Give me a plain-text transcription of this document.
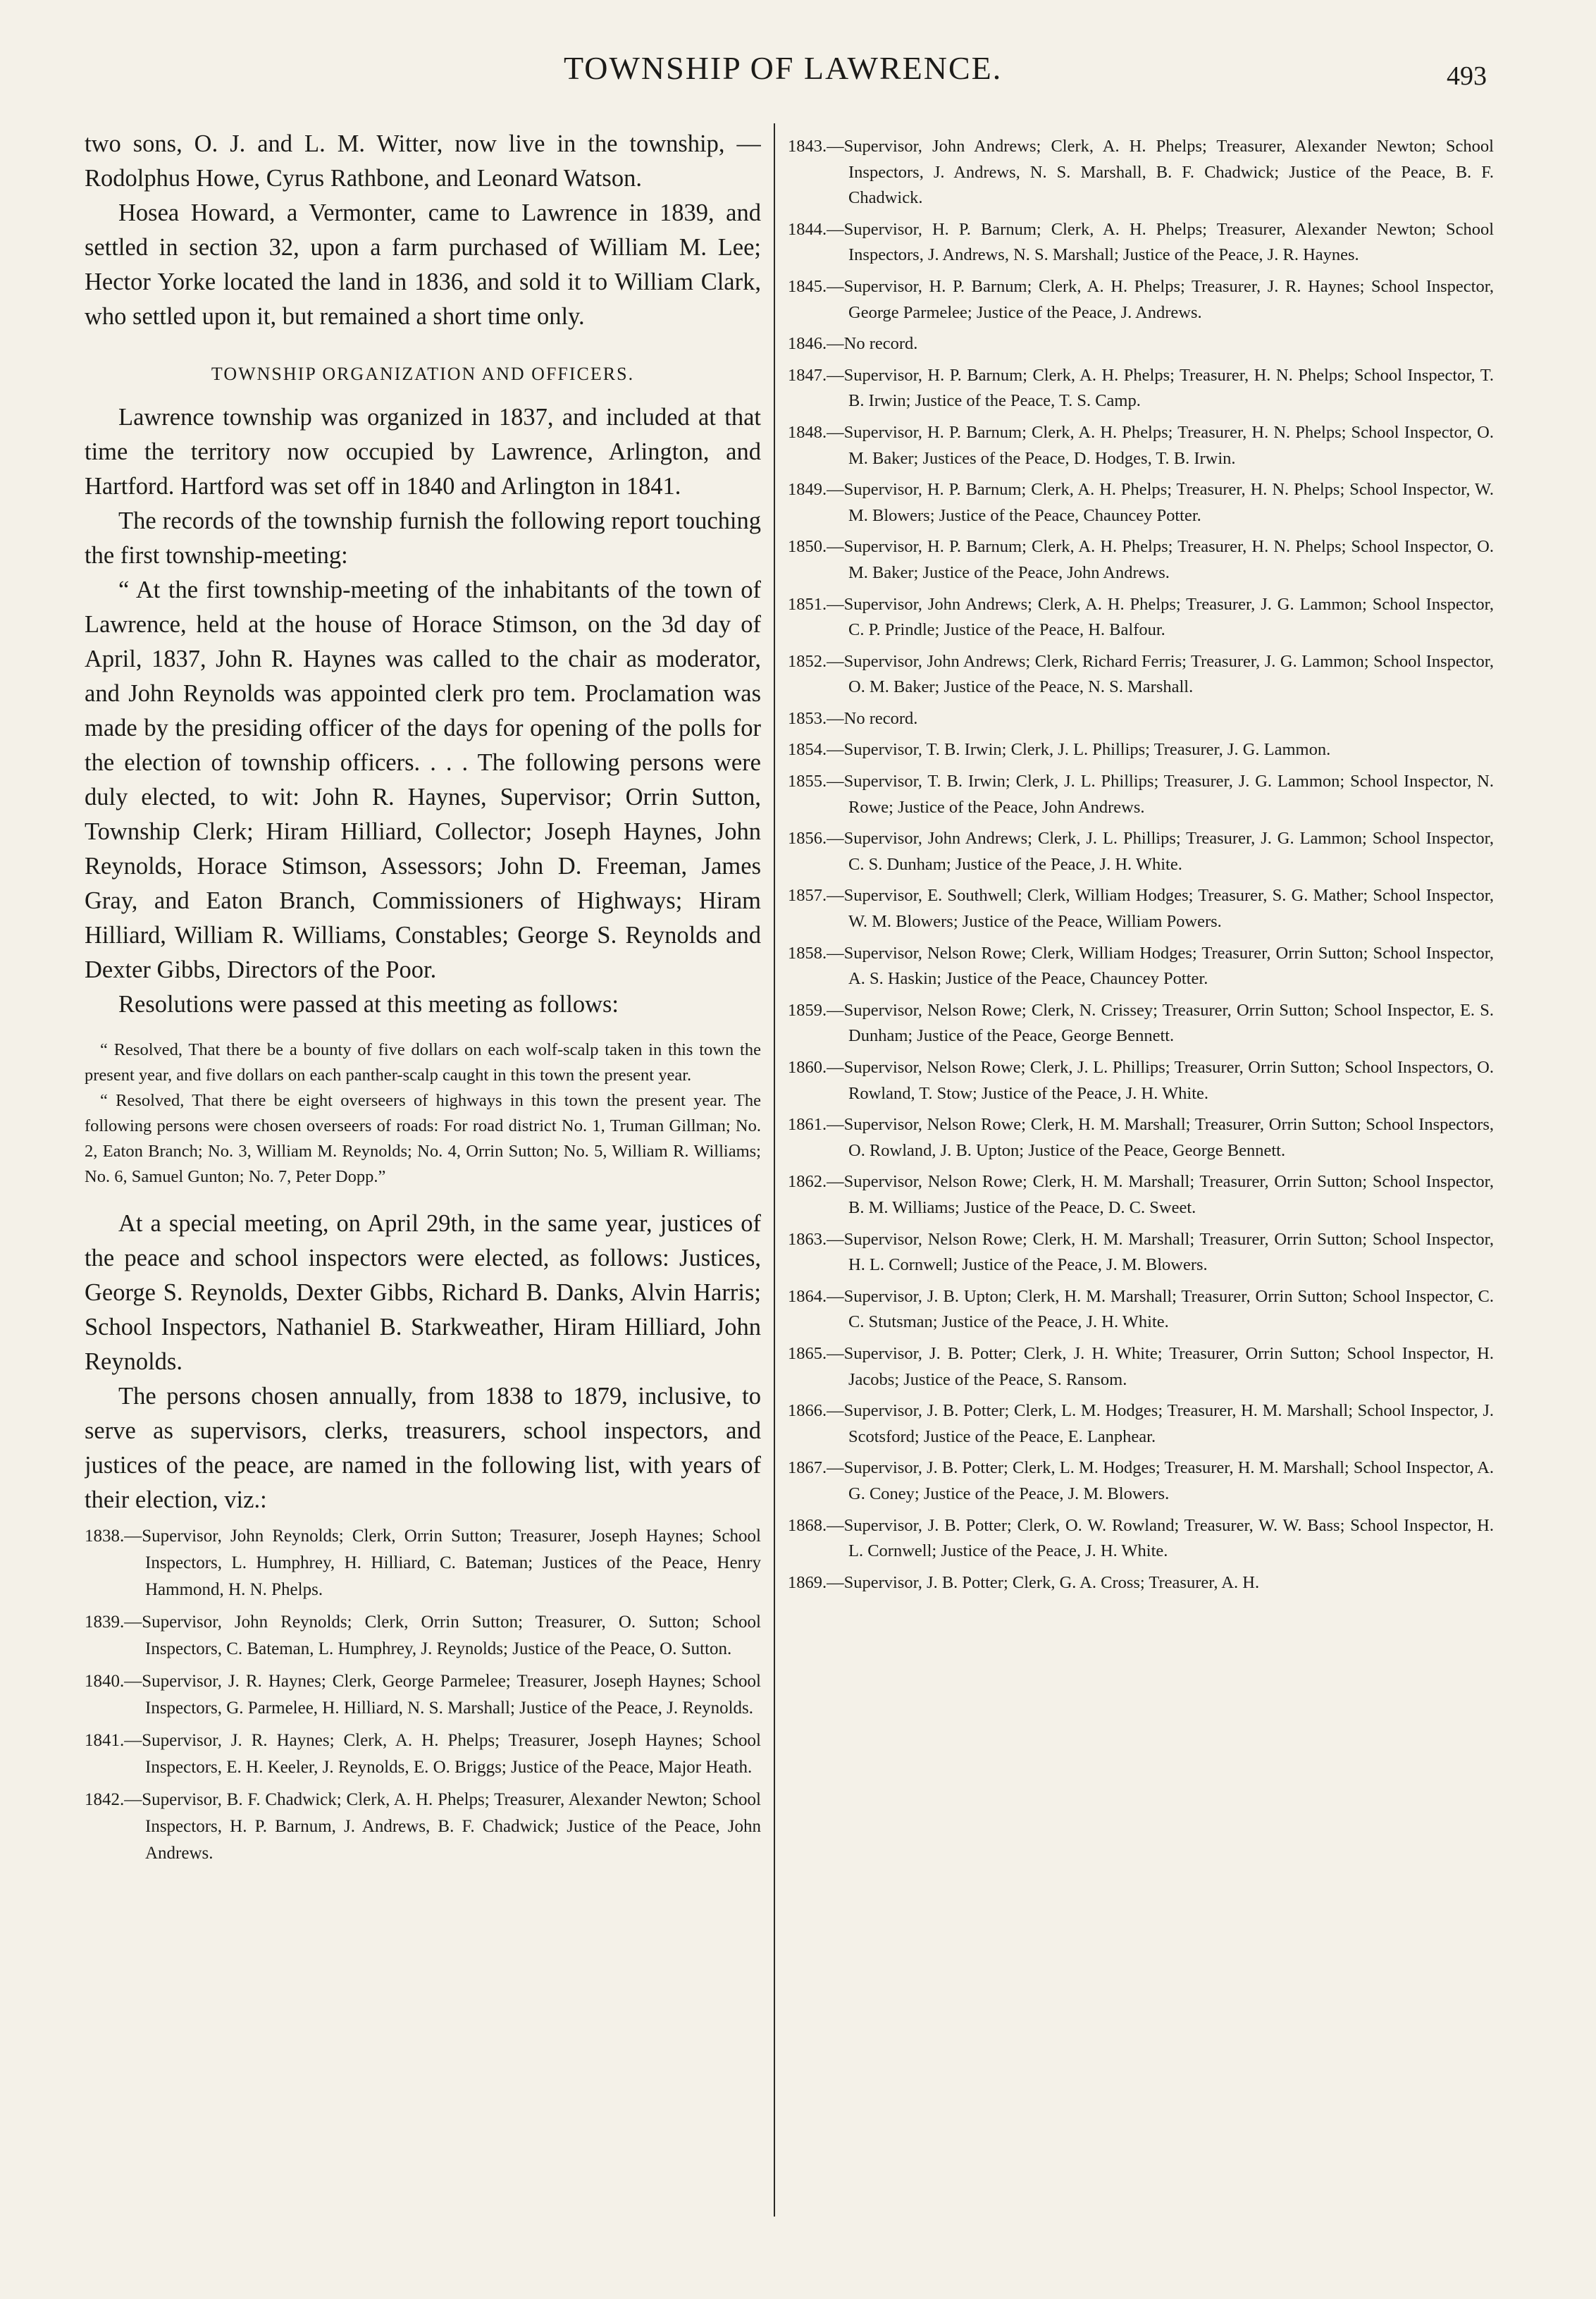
TOWNSHIP OF LAWRENCE.	493

two sons, O. J. and L. M. Witter, now live in the township, —Rodolphus Howe, Cyrus Rathbone, and Leonard Watson.

Hosea Howard, a Vermonter, came to Lawrence in 1839, and settled in section 32, upon a farm purchased of William M. Lee; Hector Yorke located the land in 1836, and sold it to William Clark, who settled upon it, but remained a short time only.

TOWNSHIP ORGANIZATION AND OFFICERS.

Lawrence township was organized in 1837, and included at that time the territory now occupied by Lawrence, Arlington, and Hartford. Hartford was set off in 1840 and Arlington in 1841.

The records of the township furnish the following report touching the first township-meeting:

“ At the first township-meeting of the inhabitants of the town of Lawrence, held at the house of Horace Stimson, on the 3d day of April, 1837, John R. Haynes was called to the chair as moderator, and John Reynolds was appointed clerk pro tem. Proclamation was made by the presiding officer of the days for opening of the polls for the election of township officers. . . . The following persons were duly elected, to wit: John R. Haynes, Supervisor; Orrin Sutton, Township Clerk; Hiram Hilliard, Collector; Joseph Haynes, John Reynolds, Horace Stimson, Assessors; John D. Freeman, James Gray, and Eaton Branch, Commissioners of Highways; Hiram Hilliard, William R. Williams, Constables; George S. Reynolds and Dexter Gibbs, Directors of the Poor.

Resolutions were passed at this meeting as follows:

“ Resolved, That there be a bounty of five dollars on each wolf-scalp taken in this town the present year, and five dollars on each panther-scalp caught in this town the present year.

“ Resolved, That there be eight overseers of highways in this town the present year. The following persons were chosen overseers of roads: For road district No. 1, Truman Gillman; No. 2, Eaton Branch; No. 3, William M. Reynolds; No. 4, Orrin Sutton; No. 5, William R. Williams; No. 6, Samuel Gunton; No. 7, Peter Dopp.”

At a special meeting, on April 29th, in the same year, justices of the peace and school inspectors were elected, as follows: Justices, George S. Reynolds, Dexter Gibbs, Richard B. Danks, Alvin Harris; School Inspectors, Nathaniel B. Starkweather, Hiram Hilliard, John Reynolds.

The persons chosen annually, from 1838 to 1879, inclusive, to serve as supervisors, clerks, treasurers, school inspectors, and justices of the peace, are named in the following list, with years of their election, viz.:

1838.—Supervisor, John Reynolds; Clerk, Orrin Sutton; Treasurer, Joseph Haynes; School Inspectors, L. Humphrey, H. Hilliard, C. Bateman; Justices of the Peace, Henry Hammond, H. N. Phelps.

1839.—Supervisor, John Reynolds; Clerk, Orrin Sutton; Treasurer, O. Sutton; School Inspectors, C. Bateman, L. Humphrey, J. Reynolds; Justice of the Peace, O. Sutton.

1840.—Supervisor, J. R. Haynes; Clerk, George Parmelee; Treasurer, Joseph Haynes; School Inspectors, G. Parmelee, H. Hilliard, N. S. Marshall; Justice of the Peace, J. Reynolds.

1841.—Supervisor, J. R. Haynes; Clerk, A. H. Phelps; Treasurer, Joseph Haynes; School Inspectors, E. H. Keeler, J. Reynolds, E. O. Briggs; Justice of the Peace, Major Heath.

1842.—Supervisor, B. F. Chadwick; Clerk, A. H. Phelps; Treasurer, Alexander Newton; School Inspectors, H. P. Barnum, J. Andrews, B. F. Chadwick; Justice of the Peace, John Andrews.

1843.—Supervisor, John Andrews; Clerk, A. H. Phelps; Treasurer, Alexander Newton; School Inspectors, J. Andrews, N. S. Marshall, B. F. Chadwick; Justice of the Peace, B. F. Chadwick.

1844.—Supervisor, H. P. Barnum; Clerk, A. H. Phelps; Treasurer, Alexander Newton; School Inspectors, J. Andrews, N. S. Marshall; Justice of the Peace, J. R. Haynes.

1845.—Supervisor, H. P. Barnum; Clerk, A. H. Phelps; Treasurer, J. R. Haynes; School Inspector, George Parmelee; Justice of the Peace, J. Andrews.

1846.—No record.

1847.—Supervisor, H. P. Barnum; Clerk, A. H. Phelps; Treasurer, H. N. Phelps; School Inspector, T. B. Irwin; Justice of the Peace, T. S. Camp.

1848.—Supervisor, H. P. Barnum; Clerk, A. H. Phelps; Treasurer, H. N. Phelps; School Inspector, O. M. Baker; Justices of the Peace, D. Hodges, T. B. Irwin.

1849.—Supervisor, H. P. Barnum; Clerk, A. H. Phelps; Treasurer, H. N. Phelps; School Inspector, W. M. Blowers; Justice of the Peace, Chauncey Potter.

1850.—Supervisor, H. P. Barnum; Clerk, A. H. Phelps; Treasurer, H. N. Phelps; School Inspector, O. M. Baker; Justice of the Peace, John Andrews.

1851.—Supervisor, John Andrews; Clerk, A. H. Phelps; Treasurer, J. G. Lammon; School Inspector, C. P. Prindle; Justice of the Peace, H. Balfour.

1852.—Supervisor, John Andrews; Clerk, Richard Ferris; Treasurer, J. G. Lammon; School Inspector, O. M. Baker; Justice of the Peace, N. S. Marshall.

1853.—No record.

1854.—Supervisor, T. B. Irwin; Clerk, J. L. Phillips; Treasurer, J. G. Lammon.

1855.—Supervisor, T. B. Irwin; Clerk, J. L. Phillips; Treasurer, J. G. Lammon; School Inspector, N. Rowe; Justice of the Peace, John Andrews.

1856.—Supervisor, John Andrews; Clerk, J. L. Phillips; Treasurer, J. G. Lammon; School Inspector, C. S. Dunham; Justice of the Peace, J. H. White.

1857.—Supervisor, E. Southwell; Clerk, William Hodges; Treasurer, S. G. Mather; School Inspector, W. M. Blowers; Justice of the Peace, William Powers.

1858.—Supervisor, Nelson Rowe; Clerk, William Hodges; Treasurer, Orrin Sutton; School Inspector, A. S. Haskin; Justice of the Peace, Chauncey Potter.

1859.—Supervisor, Nelson Rowe; Clerk, N. Crissey; Treasurer, Orrin Sutton; School Inspector, E. S. Dunham; Justice of the Peace, George Bennett.

1860.—Supervisor, Nelson Rowe; Clerk, J. L. Phillips; Treasurer, Orrin Sutton; School Inspectors, O. Rowland, T. Stow; Justice of the Peace, J. H. White.

1861.—Supervisor, Nelson Rowe; Clerk, H. M. Marshall; Treasurer, Orrin Sutton; School Inspectors, O. Rowland, J. B. Upton; Justice of the Peace, George Bennett.

1862.—Supervisor, Nelson Rowe; Clerk, H. M. Marshall; Treasurer, Orrin Sutton; School Inspector, B. M. Williams; Justice of the Peace, D. C. Sweet.

1863.—Supervisor, Nelson Rowe; Clerk, H. M. Marshall; Treasurer, Orrin Sutton; School Inspector, H. L. Cornwell; Justice of the Peace, J. M. Blowers.

1864.—Supervisor, J. B. Upton; Clerk, H. M. Marshall; Treasurer, Orrin Sutton; School Inspector, C. C. Stutsman; Justice of the Peace, J. H. White.

1865.—Supervisor, J. B. Potter; Clerk, J. H. White; Treasurer, Orrin Sutton; School Inspector, H. Jacobs; Justice of the Peace, S. Ransom.

1866.—Supervisor, J. B. Potter; Clerk, L. M. Hodges; Treasurer, H. M. Marshall; School Inspector, J. Scotsford; Justice of the Peace, E. Lanphear.

1867.—Supervisor, J. B. Potter; Clerk, L. M. Hodges; Treasurer, H. M. Marshall; School Inspector, A. G. Coney; Justice of the Peace, J. M. Blowers.

1868.—Supervisor, J. B. Potter; Clerk, O. W. Rowland; Treasurer, W. W. Bass; School Inspector, H. L. Cornwell; Justice of the Peace, J. H. White.

1869.—Supervisor, J. B. Potter; Clerk, G. A. Cross; Treasurer, A. H.
